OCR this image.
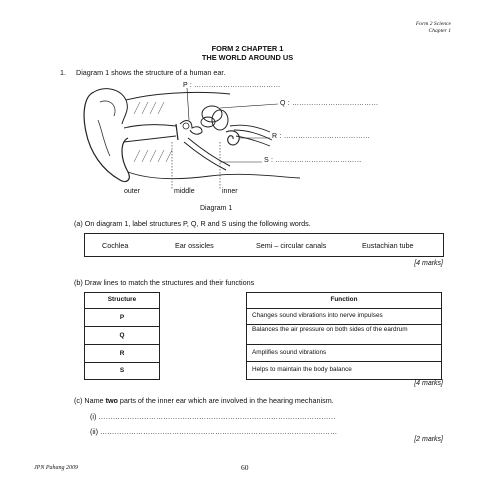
Form 2 Science
Chapter 1
FORM 2 CHAPTER 1
THE WORLD AROUND US
1. Diagram 1 shows the structure of a human ear.
P : ………………………………
Q : ………………………………
R : ………………………………
S : ………………………………
outer	middle	inner
Diagram 1
(a) On diagram 1, label structures P, Q, R and S using the following words.
Cochlea	Ear ossicles	Semi – circular canals	Eustachian tube
[4 marks]
(b) Draw lines to match the structures and their functions
Structure
P
Q
R
S
Function
Changes sound vibrations into nerve impulses
Balances the air pressure on both sides of the eardrum
Amplifies sound vibrations
Helps to maintain the body balance
[4 marks]
(c) Name two parts of the inner ear which are involved in the hearing mechanism.
(i) ………………………………………………………………………………………
(ii) ………………………………………………………………………………………
[2 marks]
JPN Pahang 2009	60
